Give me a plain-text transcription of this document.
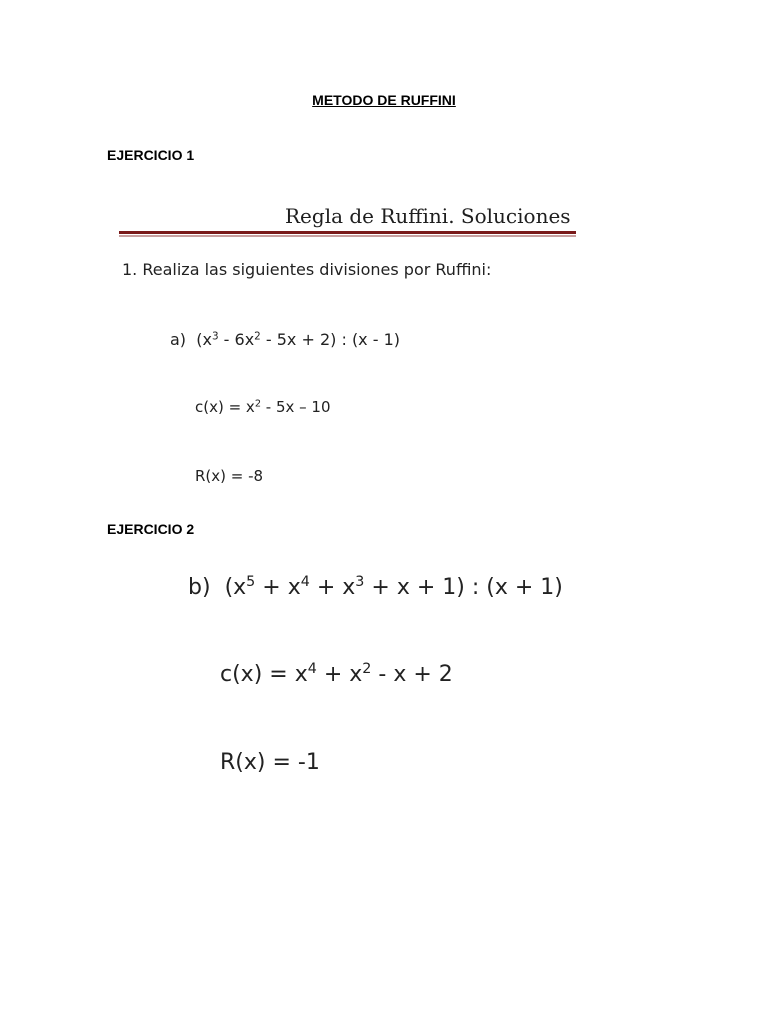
METODO DE RUFFINI
EJERCICIO 1
Regla de Ruffini. Soluciones
1. Realiza las siguientes divisiones por Ruffini:
a) $(x^3 - 6x^2 - 5x + 2)$ : (x - 1)
$c(x) = x^2 - 5x - 10$
R(x) = -8
EJERCICIO 2
b) $(x^5 + x^4 + x^3 + x + 1)$ : (x + 1)
$c(x) = x^4 + x^2 - x + 2$
R(x) = -1
